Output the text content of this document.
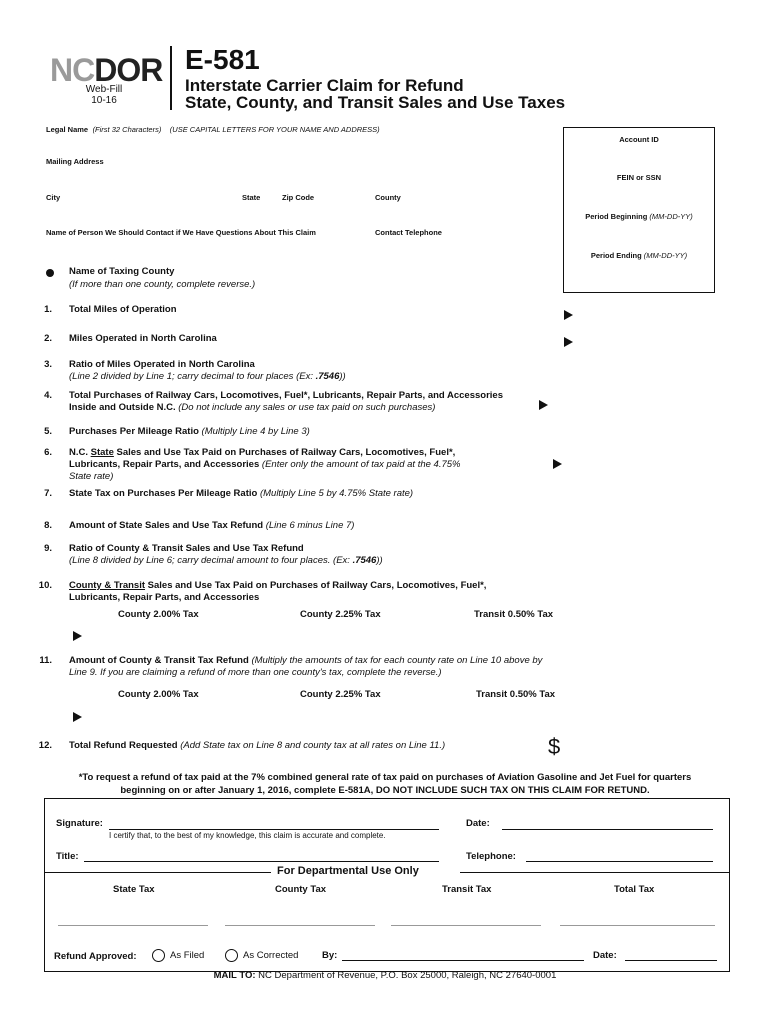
NCDOR
Web-Fill
10-16
E-581
Interstate Carrier Claim for Refund
State, County, and Transit Sales and Use Taxes
Legal Name (First 32 Characters) (USE CAPITAL LETTERS FOR YOUR NAME AND ADDRESS)
Mailing Address
City	State	Zip Code	County
Name of Person We Should Contact if We Have Questions About This Claim	Contact Telephone
Account ID
FEIN or SSN
Period Beginning (MM-DD-YY)
Period Ending (MM-DD-YY)
Name of Taxing County
(If more than one county, complete reverse.)
1. Total Miles of Operation
2. Miles Operated in North Carolina
3. Ratio of Miles Operated in North Carolina
(Line 2 divided by Line 1; carry decimal to four places (Ex: .7546))
4. Total Purchases of Railway Cars, Locomotives, Fuel*, Lubricants, Repair Parts, and Accessories
Inside and Outside N.C. (Do not include any sales or use tax paid on such purchases)
5. Purchases Per Mileage Ratio (Multiply Line 4 by Line 3)
6. N.C. State Sales and Use Tax Paid on Purchases of Railway Cars, Locomotives, Fuel*,
Lubricants, Repair Parts, and Accessories (Enter only the amount of tax paid at the 4.75%
State rate)
7. State Tax on Purchases Per Mileage Ratio (Multiply Line 5 by 4.75% State rate)
8. Amount of State Sales and Use Tax Refund (Line 6 minus Line 7)
9. Ratio of County & Transit Sales and Use Tax Refund
(Line 8 divided by Line 6; carry decimal amount to four places. (Ex: .7546))
10. County & Transit Sales and Use Tax Paid on Purchases of Railway Cars, Locomotives, Fuel*,
Lubricants, Repair Parts, and Accessories
County 2.00% Tax	County 2.25% Tax	Transit 0.50% Tax
11. Amount of County & Transit Tax Refund (Multiply the amounts of tax for each county rate on Line 10 above by
Line 9. If you are claiming a refund of more than one county's tax, complete the reverse.)
County 2.00% Tax	County 2.25% Tax	Transit 0.50% Tax
12. Total Refund Requested (Add State tax on Line 8 and county tax at all rates on Line 11.)	$
*To request a refund of tax paid at the 7% combined general rate of tax paid on purchases of Aviation Gasoline and Jet Fuel for quarters
beginning on or after January 1, 2016, complete E-581A, DO NOT INCLUDE SUCH TAX ON THIS CLAIM FOR RETUND.
Signature:
I certify that, to the best of my knowledge, this claim is accurate and complete.
Date:
Title:	Telephone:
For Departmental Use Only
State Tax	County Tax	Transit Tax	Total Tax
Refund Approved:	As Filed	As Corrected By:	Date:
MAIL TO: NC Department of Revenue, P.O. Box 25000, Raleigh, NC 27640-0001
